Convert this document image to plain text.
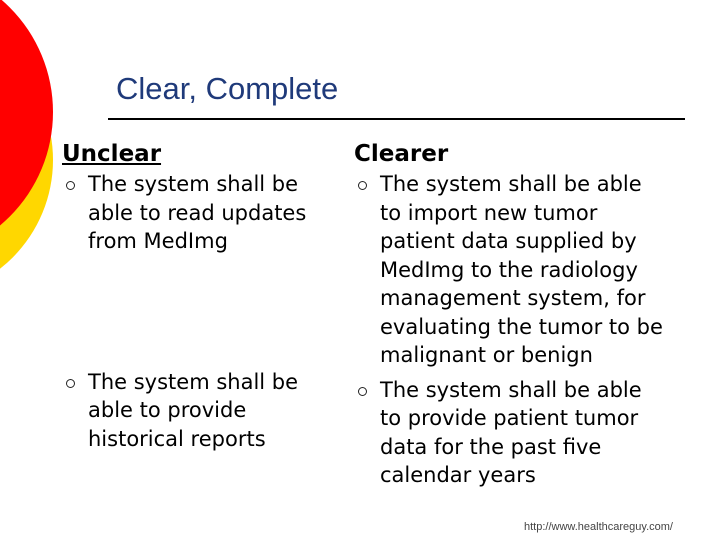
Clear, Complete
Unclear
The system shall be
able to read updates
from MedImg
The system shall be
able to provide
historical reports
Clearer
The system shall be able
to import new tumor
patient data supplied by
MedImg to the radiology
management system, for
evaluating the tumor to be
malignant or benign
The system shall be able
to provide patient tumor
data for the past five
calendar years
http://www.healthcareguy.com/
